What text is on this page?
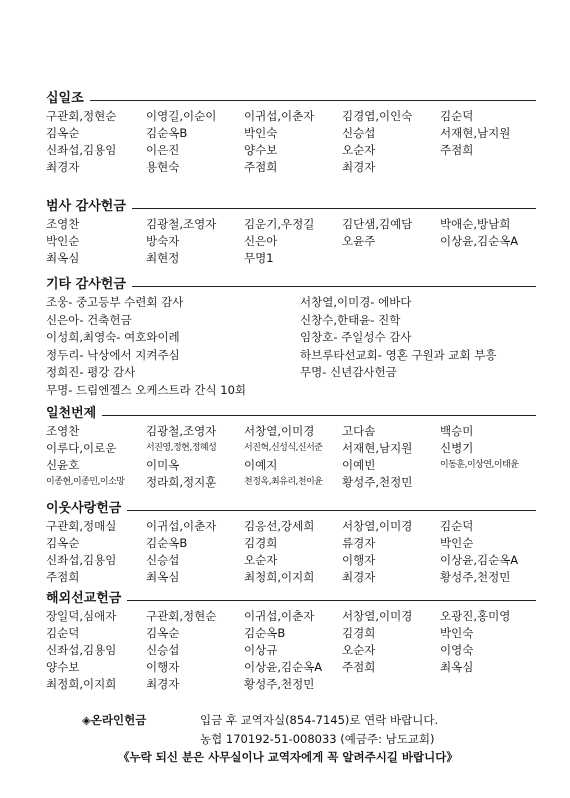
십일조
구관회,정현순	이영길,이순이	이귀섭,이춘자	김경엽,이인숙	김순덕
김옥순	김순옥B	박인숙	신승섭	서재현,남지원
신좌섭,김용임	이은진	양수보	오순자	주점희
최경자	용현숙	주점희	최경자
범사 감사헌금
조영찬	김광철,조영자	김운기,우정길	김단샘,김예담	박애순,방남희
박인순	방숙자	신은아	오윤주	이상윤,김순옥A
최옥심	최현정	무명1
기타 감사헌금
조웅- 중고등부 수련회 감사	서창열,이미경- 에바다
신은아- 건축헌금	신창수,한태윤- 진학
이성희,최영숙- 여호와이레	임창호- 주일성수 감사
정두리- 낙상에서 지켜주심	하브루타선교회- 영혼 구원과 교회 부흥
정희진- 평강 감사	무명- 신년감사헌금
무명- 드림엔젤스 오케스트라 간식 10회
일천번제
조영찬	김광철,조영자	서창열,이미경	고다솜	백승미
이루다,이로운	서진영,정현,정혜성	서진혁,신성식,신서준	서재현,남지원	신병기
신윤호	이미옥	이예지	이예빈	이동훈,이상연,이태윤
이종현,이종민,이소망	정라희,정지훈	천정옥,최유리,천이윤	황성주,천정민
이웃사랑헌금
구관회,정매실	이귀섭,이춘자	김응선,강세희	서창열,이미경	김순덕
김옥순	김순옥B	김경희	류경자	박인순
신좌섭,김용임	신승섭	오순자	이행자	이상윤,김순옥A
주점희	최옥심	최청희,이지희	최경자	황성주,천정민
해외선교헌금
장일덕,심애자	구관회,정현순	이귀섭,이춘자	서창열,이미경	오광진,홍미영
김순덕	김옥순	김순옥B	김경희	박인숙
신좌섭,김용임	신승섭	이상규	오순자	이영숙
양수보	이행자	이상윤,김순옥A	주점희	최옥심
최정희,이지희	최경자	황성주,천정민
◈온라인헌금	입금 후 교역자실(854-7145)로 연락 바랍니다.
농협 170192-51-008033 (예금주: 남도교회)
《누락 되신 분은 사무실이나 교역자에게 꼭 알려주시길 바랍니다》
